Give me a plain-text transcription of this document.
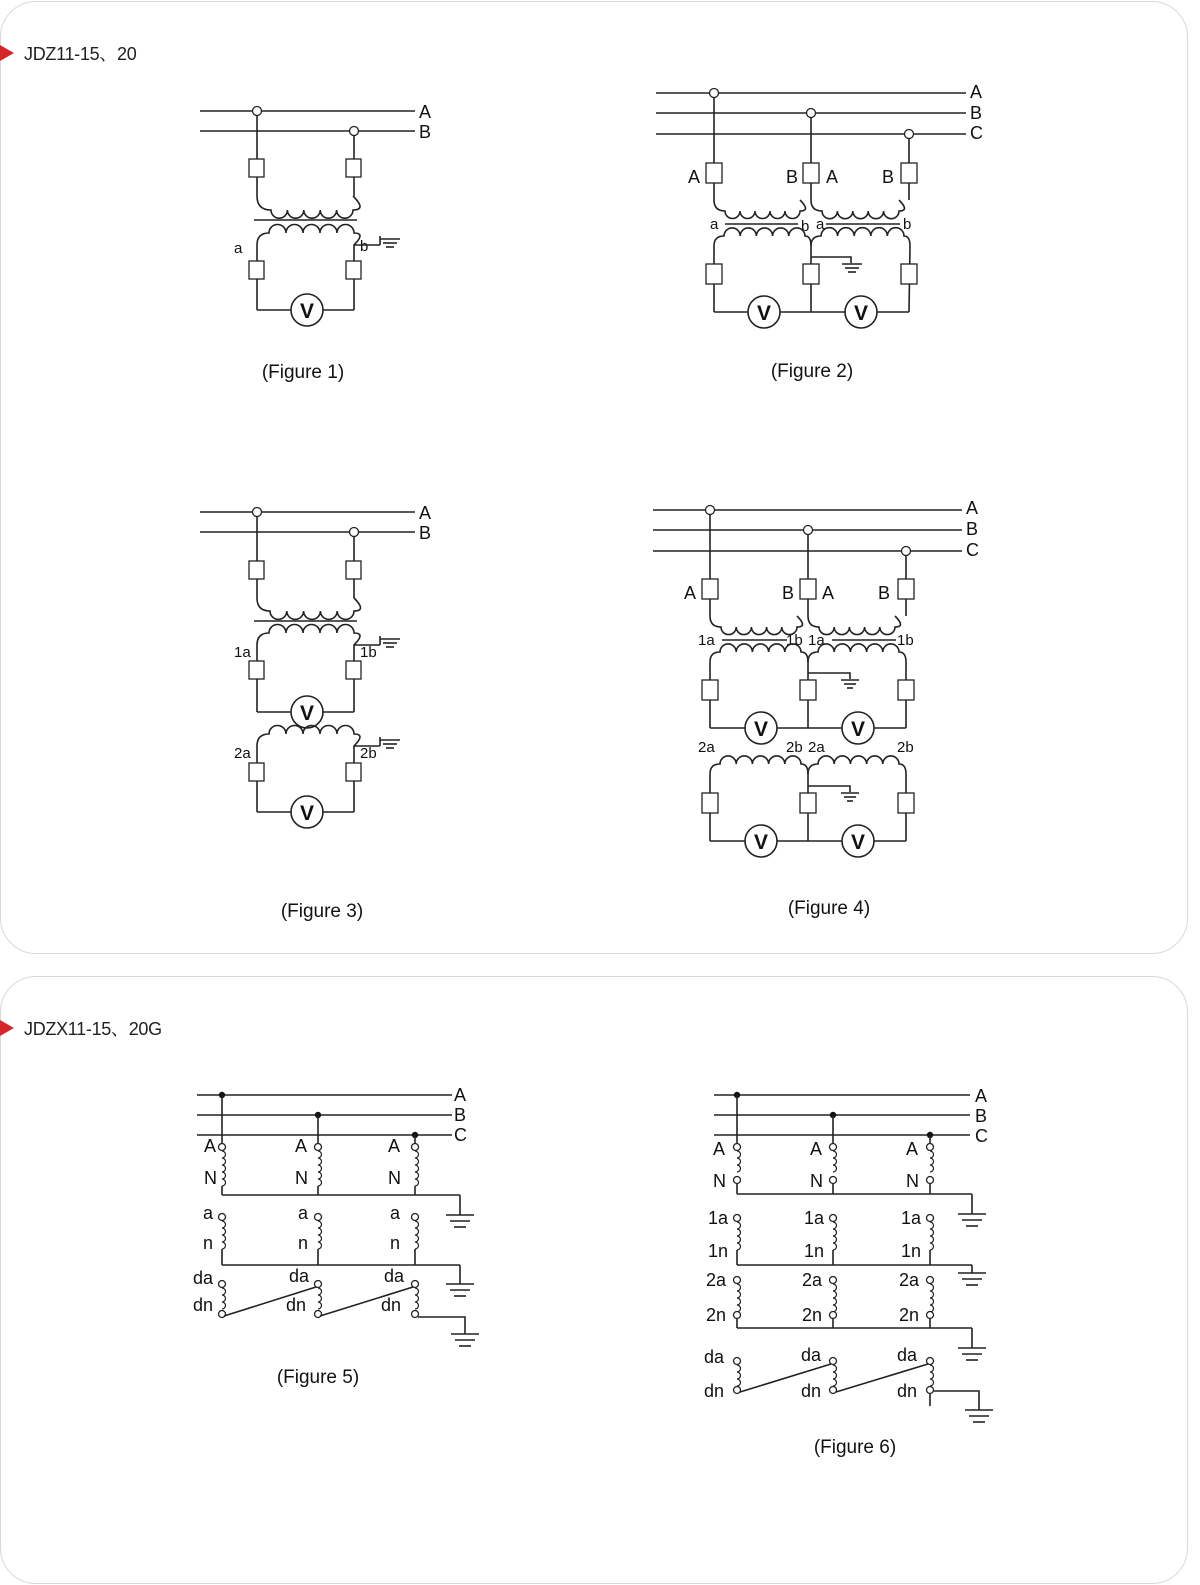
JDZ11-15、20
JDZX11-15、20G
A
B
a	b
V
(Figure 1)
A
B
C
A	B A B
a	b a	b
V	V
(Figure 2)
A
B
1a	1b
V
2a	2b
V
(Figure 3)
A
B
C
A	B A B
1a	1b 1a	1b
V	V
2a	2b 2a	2b
V	V
(Figure 4)
A
B
C
A
N
A
N
A
N
a
n
a
n
a
n
da
dn
da
dn
da
dn
(Figure 5)
A
B
C
A
N
A
N
A
N
1a
1n
1a
1n
1a
1n
2a
2n
2a
2n
2a
2n
da
dn
da
dn
da
dn
(Figure 6)
